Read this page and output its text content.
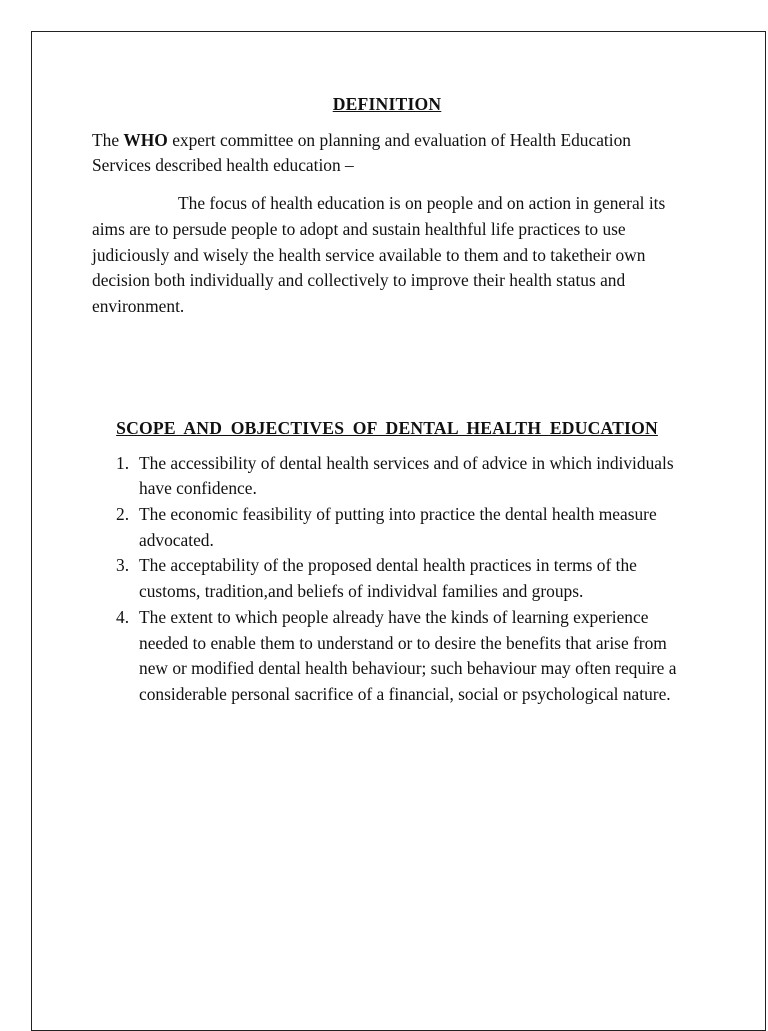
DEFINITION

The WHO expert committee on planning and evaluation of Health Education Services described health education –

The focus of health education is on people and on action in general its aims are to persude people to adopt and sustain healthful life practices to use judiciously and wisely the health service available to them and to taketheir own decision both individually and collectively to improve their health status and environment.

SCOPE AND OBJECTIVES OF DENTAL HEALTH EDUCATION
1. The accessibility of dental health services and of advice in which individuals have confidence.
2. The economic feasibility of putting into practice the dental health measure advocated.
3. The acceptability of the proposed dental health practices in terms of the customs, tradition,and beliefs of individval families and groups.
4. The extent to which people already have the kinds of learning experience needed to enable them to understand or to desire the benefits that arise from new or modified dental health behaviour; such behaviour may often require a considerable personal sacrifice of a financial, social or psychological nature.
